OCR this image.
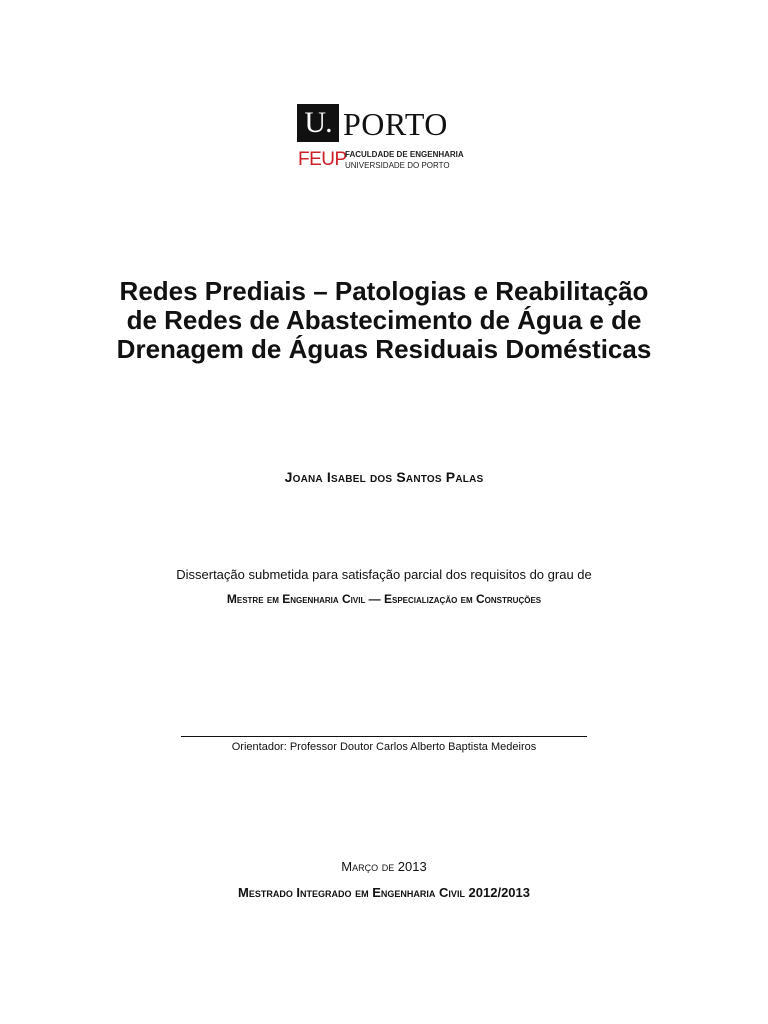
U. PORTO
FEUP
FACULDADE DE ENGENHARIA
UNIVERSIDADE DO PORTO
Redes Prediais – Patologias e Reabilitação
de Redes de Abastecimento de Água e de
Drenagem de Águas Residuais Domésticas
Joana Isabel dos Santos Palas
Dissertação submetida para satisfação parcial dos requisitos do grau de
Mestre em Engenharia Civil — Especialização em Construções
Orientador: Professor Doutor Carlos Alberto Baptista Medeiros
Março de 2013
Mestrado Integrado em Engenharia Civil 2012/2013
